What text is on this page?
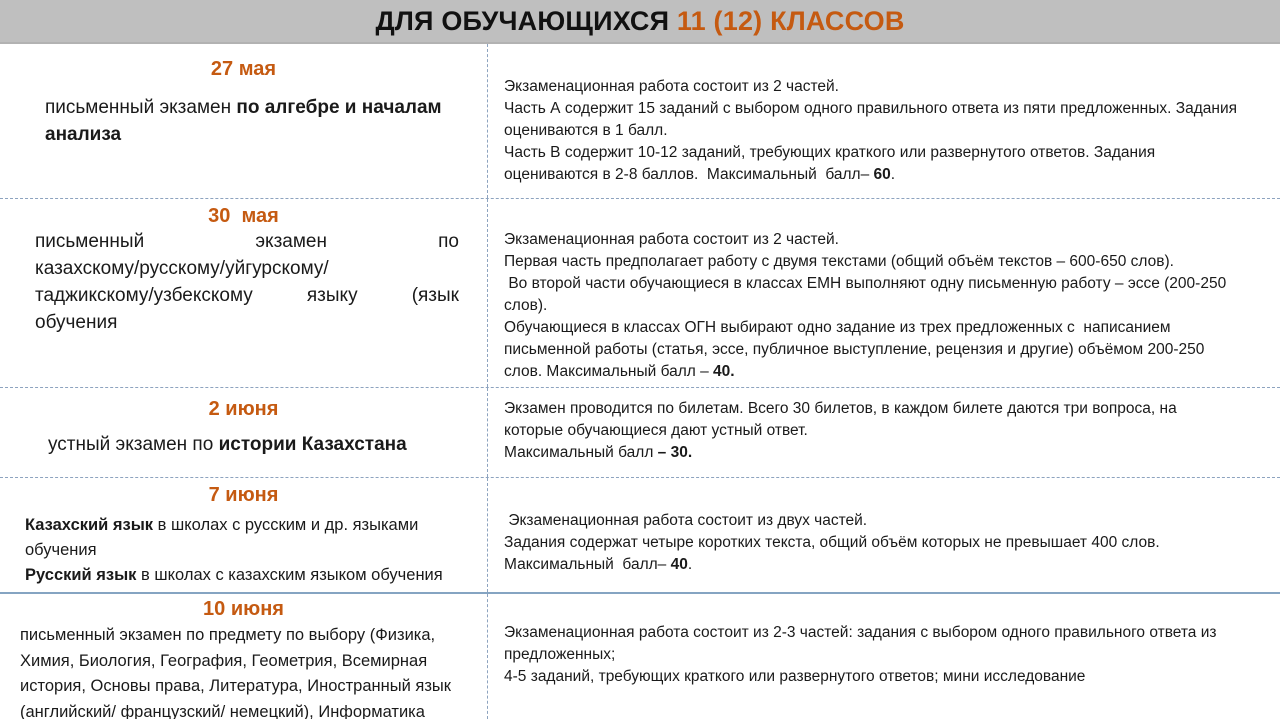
ДЛЯ ОБУЧАЮЩИХСЯ 11 (12) КЛАССОВ
27 мая

письменный экзамен по алгебре и началам анализа

Экзаменационная работа состоит из 2 частей.

Часть А содержит 15 заданий с выбором одного правильного ответа из пяти предложенных. Задания оцениваются в 1 балл.

Часть В содержит 10-12 заданий, требующих краткого или развернутого ответов. Задания оцениваются в 2-8 баллов.  Максимальный  балл– 60.

30  мая
письменный экзамен по
казахскому/русскому/уйгурскому/
таджикскому/узбекскому языку (язык
обучения

Экзаменационная работа состоит из 2 частей.

Первая часть предполагает работу с двумя текстами (общий объём текстов – 600-650 слов).

Во второй части обучающиеся в классах ЕМН выполняют одну письменную работу – эссе (200-250 слов).

Обучающиеся в классах ОГН выбирают одно задание из трех предложенных с  написанием письменной работы (статья, эссе, публичное выступление, рецензия и другие) объёмом 200-250 слов. Максимальный балл – 40.

2 июня

устный экзамен по истории Казахстана

Экзамен проводится по билетам. Всего 30 билетов, в каждом билете даются три вопроса, на которые обучающиеся дают устный ответ.

Максимальный балл – 30.

7 июня

Казахский язык в школах с русским и др. языками обучения

Русский язык в школах с казахским языком обучения

Экзаменационная работа состоит из двух частей.

Задания содержат четыре коротких текста, общий объём которых не превышает 400 слов.

Максимальный  балл– 40.

10 июня

письменный экзамен по предмету по выбору (Физика, Химия, Биология, География, Геометрия, Всемирная история, Основы права, Литература, Иностранный язык (английский/ французский/ немецкий), Информатика

Экзаменационная работа состоит из 2-3 частей: задания с выбором одного правильного ответа из предложенных;

4-5 заданий, требующих краткого или развернутого ответов; мини исследование
